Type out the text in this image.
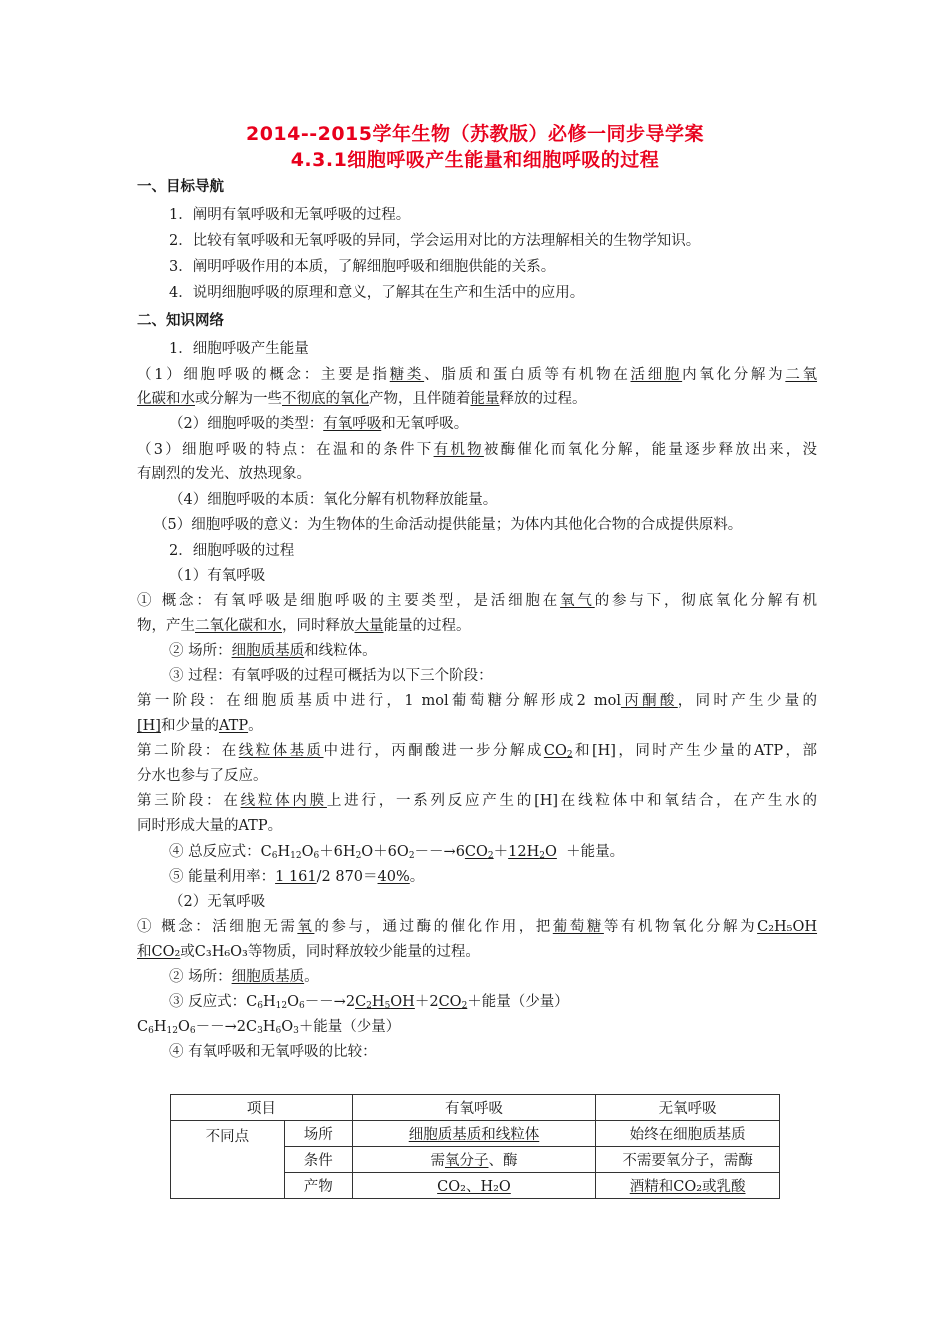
2014--2015学年生物（苏教版）必修一同步导学案
4.3.1细胞呼吸产生能量和细胞呼吸的过程
一、目标导航
1．阐明有氧呼吸和无氧呼吸的过程。
2．比较有氧呼吸和无氧呼吸的异同，学会运用对比的方法理解相关的生物学知识。
3．阐明呼吸作用的本质，了解细胞呼吸和细胞供能的关系。
4．说明细胞呼吸的原理和意义，了解其在生产和生活中的应用。
二、知识网络
1．细胞呼吸产生能量
（1）细胞呼吸的概念：主要是指糖类、脂质和蛋白质等有机物在活细胞内氧化分解为二氧
化碳和水或分解为一些不彻底的氧化产物，且伴随着能量释放的过程。
（2）细胞呼吸的类型：有氧呼吸和无氧呼吸。
（3）细胞呼吸的特点：在温和的条件下有机物被酶催化而氧化分解，能量逐步释放出来，没
有剧烈的发光、放热现象。
（4）细胞呼吸的本质：氧化分解有机物释放能量。
（5）细胞呼吸的意义：为生物体的生命活动提供能量；为体内其他化合物的合成提供原料。
2．细胞呼吸的过程
（1）有氧呼吸
① 概念：有氧呼吸是细胞呼吸的主要类型，是活细胞在氧气的参与下，彻底氧化分解有机
物，产生二氧化碳和水，同时释放大量能量的过程。
② 场所：细胞质基质和线粒体。
③ 过程：有氧呼吸的过程可概括为以下三个阶段：
第一阶段：在细胞质基质中进行，1 mol葡萄糖分解形成2 mol丙酮酸，同时产生少量的
[H]和少量的ATP。
第二阶段：在线粒体基质中进行，丙酮酸进一步分解成$CO_2$和[H]，同时产生少量的ATP，部
分水也参与了反应。
第三阶段：在线粒体内膜上进行，一系列反应产生的[H]在线粒体中和氧结合，在产生水的
同时形成大量的ATP。
④ 总反应式：$C_6H_{12}O_6+6H_2O+6O_2--\to 6CO_2+12H_2O$ ＋能量。
⑤ 能量利用率：1 161/2 870＝40%。
（2）无氧呼吸
① 概念：活细胞无需氧的参与，通过酶的催化作用，把葡萄糖等有机物氧化分解为C₂H₅OH
和CO₂或C₃H₆O₃等物质，同时释放较少能量的过程。
② 场所：细胞质基质。
③ 反应式：$C_6H_{12}O_6--\to 2C_2H_5OH+2CO_2+$能量（少量）
$C_6H_{12}O_6--\to 2C_3H_6O_3+$能量（少量）
④ 有氧呼吸和无氧呼吸的比较：
项目		有氧呼吸	无氧呼吸
不同点	场所	细胞质基质和线粒体	始终在细胞质基质
	条件	需氧分子、酶	不需要氧分子，需酶
	产物	CO₂、H₂O	酒精和CO₂或乳酸
